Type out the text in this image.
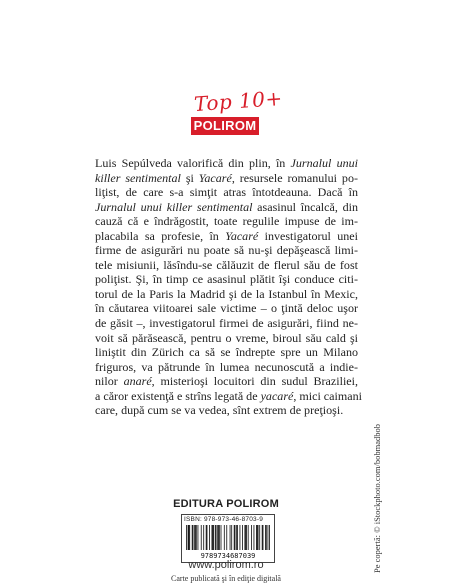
Top 10+
POLIROM
Luis Sepúlveda valorifică din plin, în Jurnalul unui
killer sentimental şi Yacaré, resursele romanului po-
liţist, de care s-a simţit atras întotdeauna. Dacă în
Jurnalul unui killer sentimental asasinul încalcă, din
cauză că e îndrăgostit, toate regulile impuse de im-
placabila sa profesie, în Yacaré investigatorul unei
firme de asigurări nu poate să nu-şi depăşească limi-
tele misiunii, lăsîndu-se călăuzit de flerul său de fost
poliţist. Şi, în timp ce asasinul plătit îşi conduce citi-
torul de la Paris la Madrid şi de la Istanbul în Mexic,
în căutarea viitoarei sale victime – o ţintă deloc uşor
de găsit –, investigatorul firmei de asigurări, fiind ne-
voit să părăsească, pentru o vreme, biroul său cald şi
liniştit din Zürich ca să se îndrepte spre un Milano
friguros, va pătrunde în lumea necunoscută a indie-
nilor anaré, misterioşi locuitori din sudul Braziliei,
a căror existenţă e strîns legată de yacaré, mici caimani
care, după cum se va vedea, sînt extrem de preţioşi.
EDITURA POLIROM
ISBN: 978-973-46-8703-9
9789734687039
www.polirom.ro
Carte publicată şi în ediţie digitală
Pe copertă: © iStockphoto.com/bobmadbob
